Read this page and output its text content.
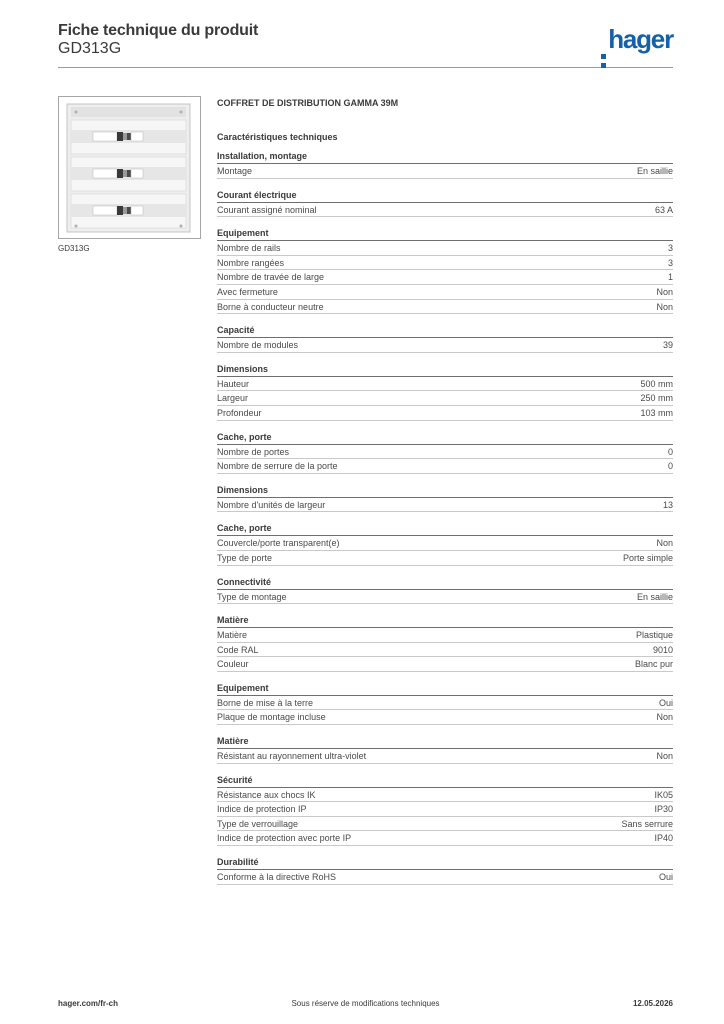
Fiche technique du produit
GD313G	hager
GD313G
COFFRET DE DISTRIBUTION GAMMA 39M
Caractéristiques techniques
Installation, montage
Montage	En saillie
Courant électrique
Courant assigné nominal	63 A
Equipement
Nombre de rails	3
Nombre rangées	3
Nombre de travée de large	1
Avec fermeture	Non
Borne à conducteur neutre	Non
Capacité
Nombre de modules	39
Dimensions
Hauteur	500 mm
Largeur	250 mm
Profondeur	103 mm
Cache, porte
Nombre de portes	0
Nombre de serrure de la porte	0
Dimensions
Nombre d'unités de largeur	13
Cache, porte
Couvercle/porte transparent(e)	Non
Type de porte	Porte simple
Connectivité
Type de montage	En saillie
Matière
Matière	Plastique
Code RAL	9010
Couleur	Blanc pur
Equipement
Borne de mise à la terre	Oui
Plaque de montage incluse	Non
Matière
Résistant au rayonnement ultra-violet	Non
Sécurité
Résistance aux chocs IK	IK05
Indice de protection IP	IP30
Type de verrouillage	Sans serrure
Indice de protection avec porte IP	IP40
Durabilité
Conforme à la directive RoHS	Oui
Sous réserve de modifications techniques
hager.com/fr-ch	12.05.2026
